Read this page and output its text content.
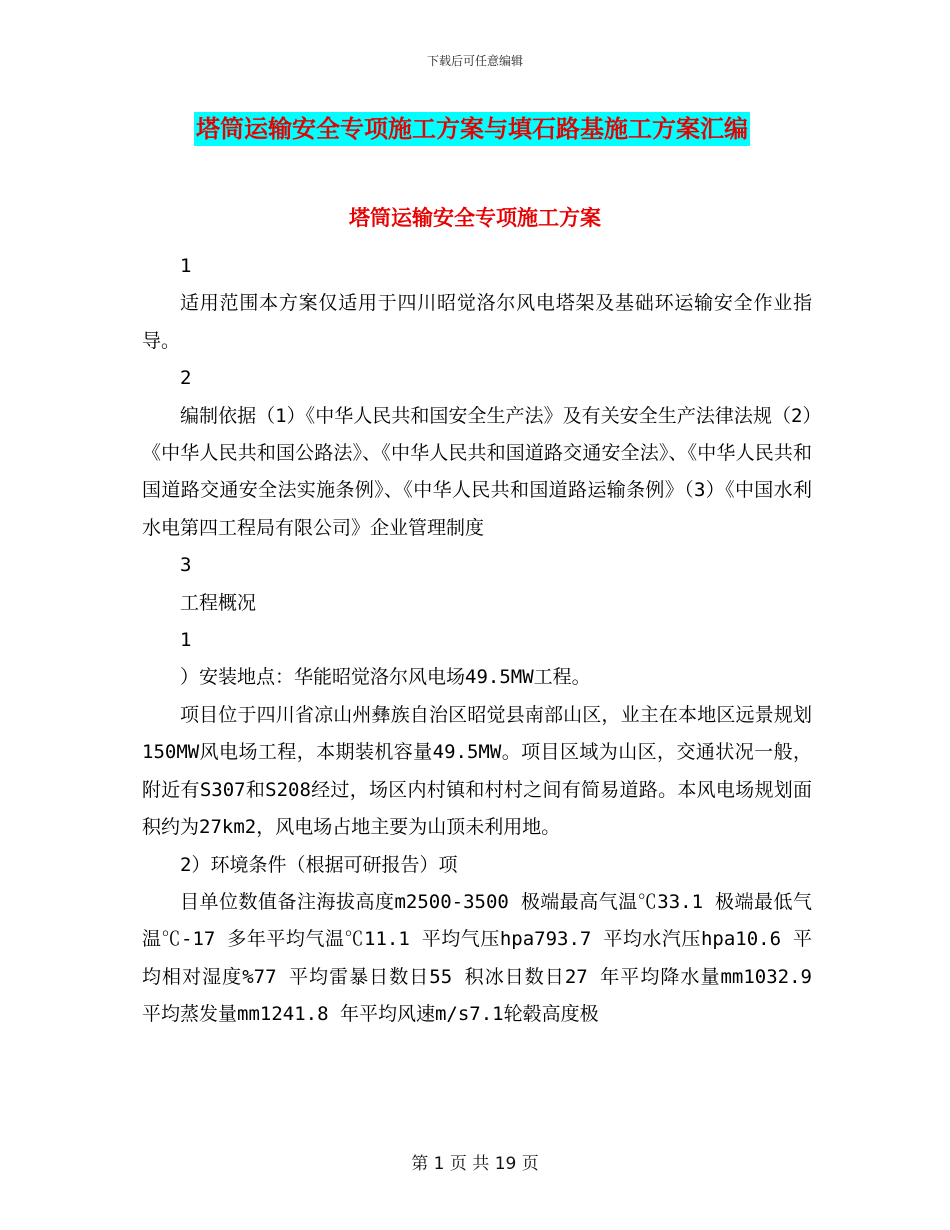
下载后可任意编辑
塔筒运输安全专项施工方案与填石路基施工方案汇编
塔筒运输安全专项施工方案

1

适用范围本方案仅适用于四川昭觉洛尔风电塔架及基础环运输安全作业指导。

2

编制依据（1）《中华人民共和国安全生产法》及有关安全生产法律法规（2）《中华人民共和国公路法》、《中华人民共和国道路交通安全法》、《中华人民共和国道路交通安全法实施条例》、《中华人民共和国道路运输条例》（3）《中国水利水电第四工程局有限公司》企业管理制度

3

工程概况

1

）安装地点：华能昭觉洛尔风电场49.5MW工程。

项目位于四川省凉山州彝族自治区昭觉县南部山区，业主在本地区远景规划150MW风电场工程，本期装机容量49.5MW。项目区域为山区，交通状况一般，附近有S307和S208经过，场区内村镇和村村之间有简易道路。本风电场规划面积约为27km2，风电场占地主要为山顶未利用地。

2）环境条件（根据可研报告）项

目单位数值备注海拔高度m2500-3500 极端最高气温℃33.1 极端最低气温℃-17 多年平均气温℃11.1 平均气压hpa793.7 平均水汽压hpa10.6 平均相对湿度%77 平均雷暴日数日55 积冰日数日27 年平均降水量mm1032.9 平均蒸发量mm1241.8 年平均风速m/s7.1轮毂高度极

第 1 页 共 19 页
